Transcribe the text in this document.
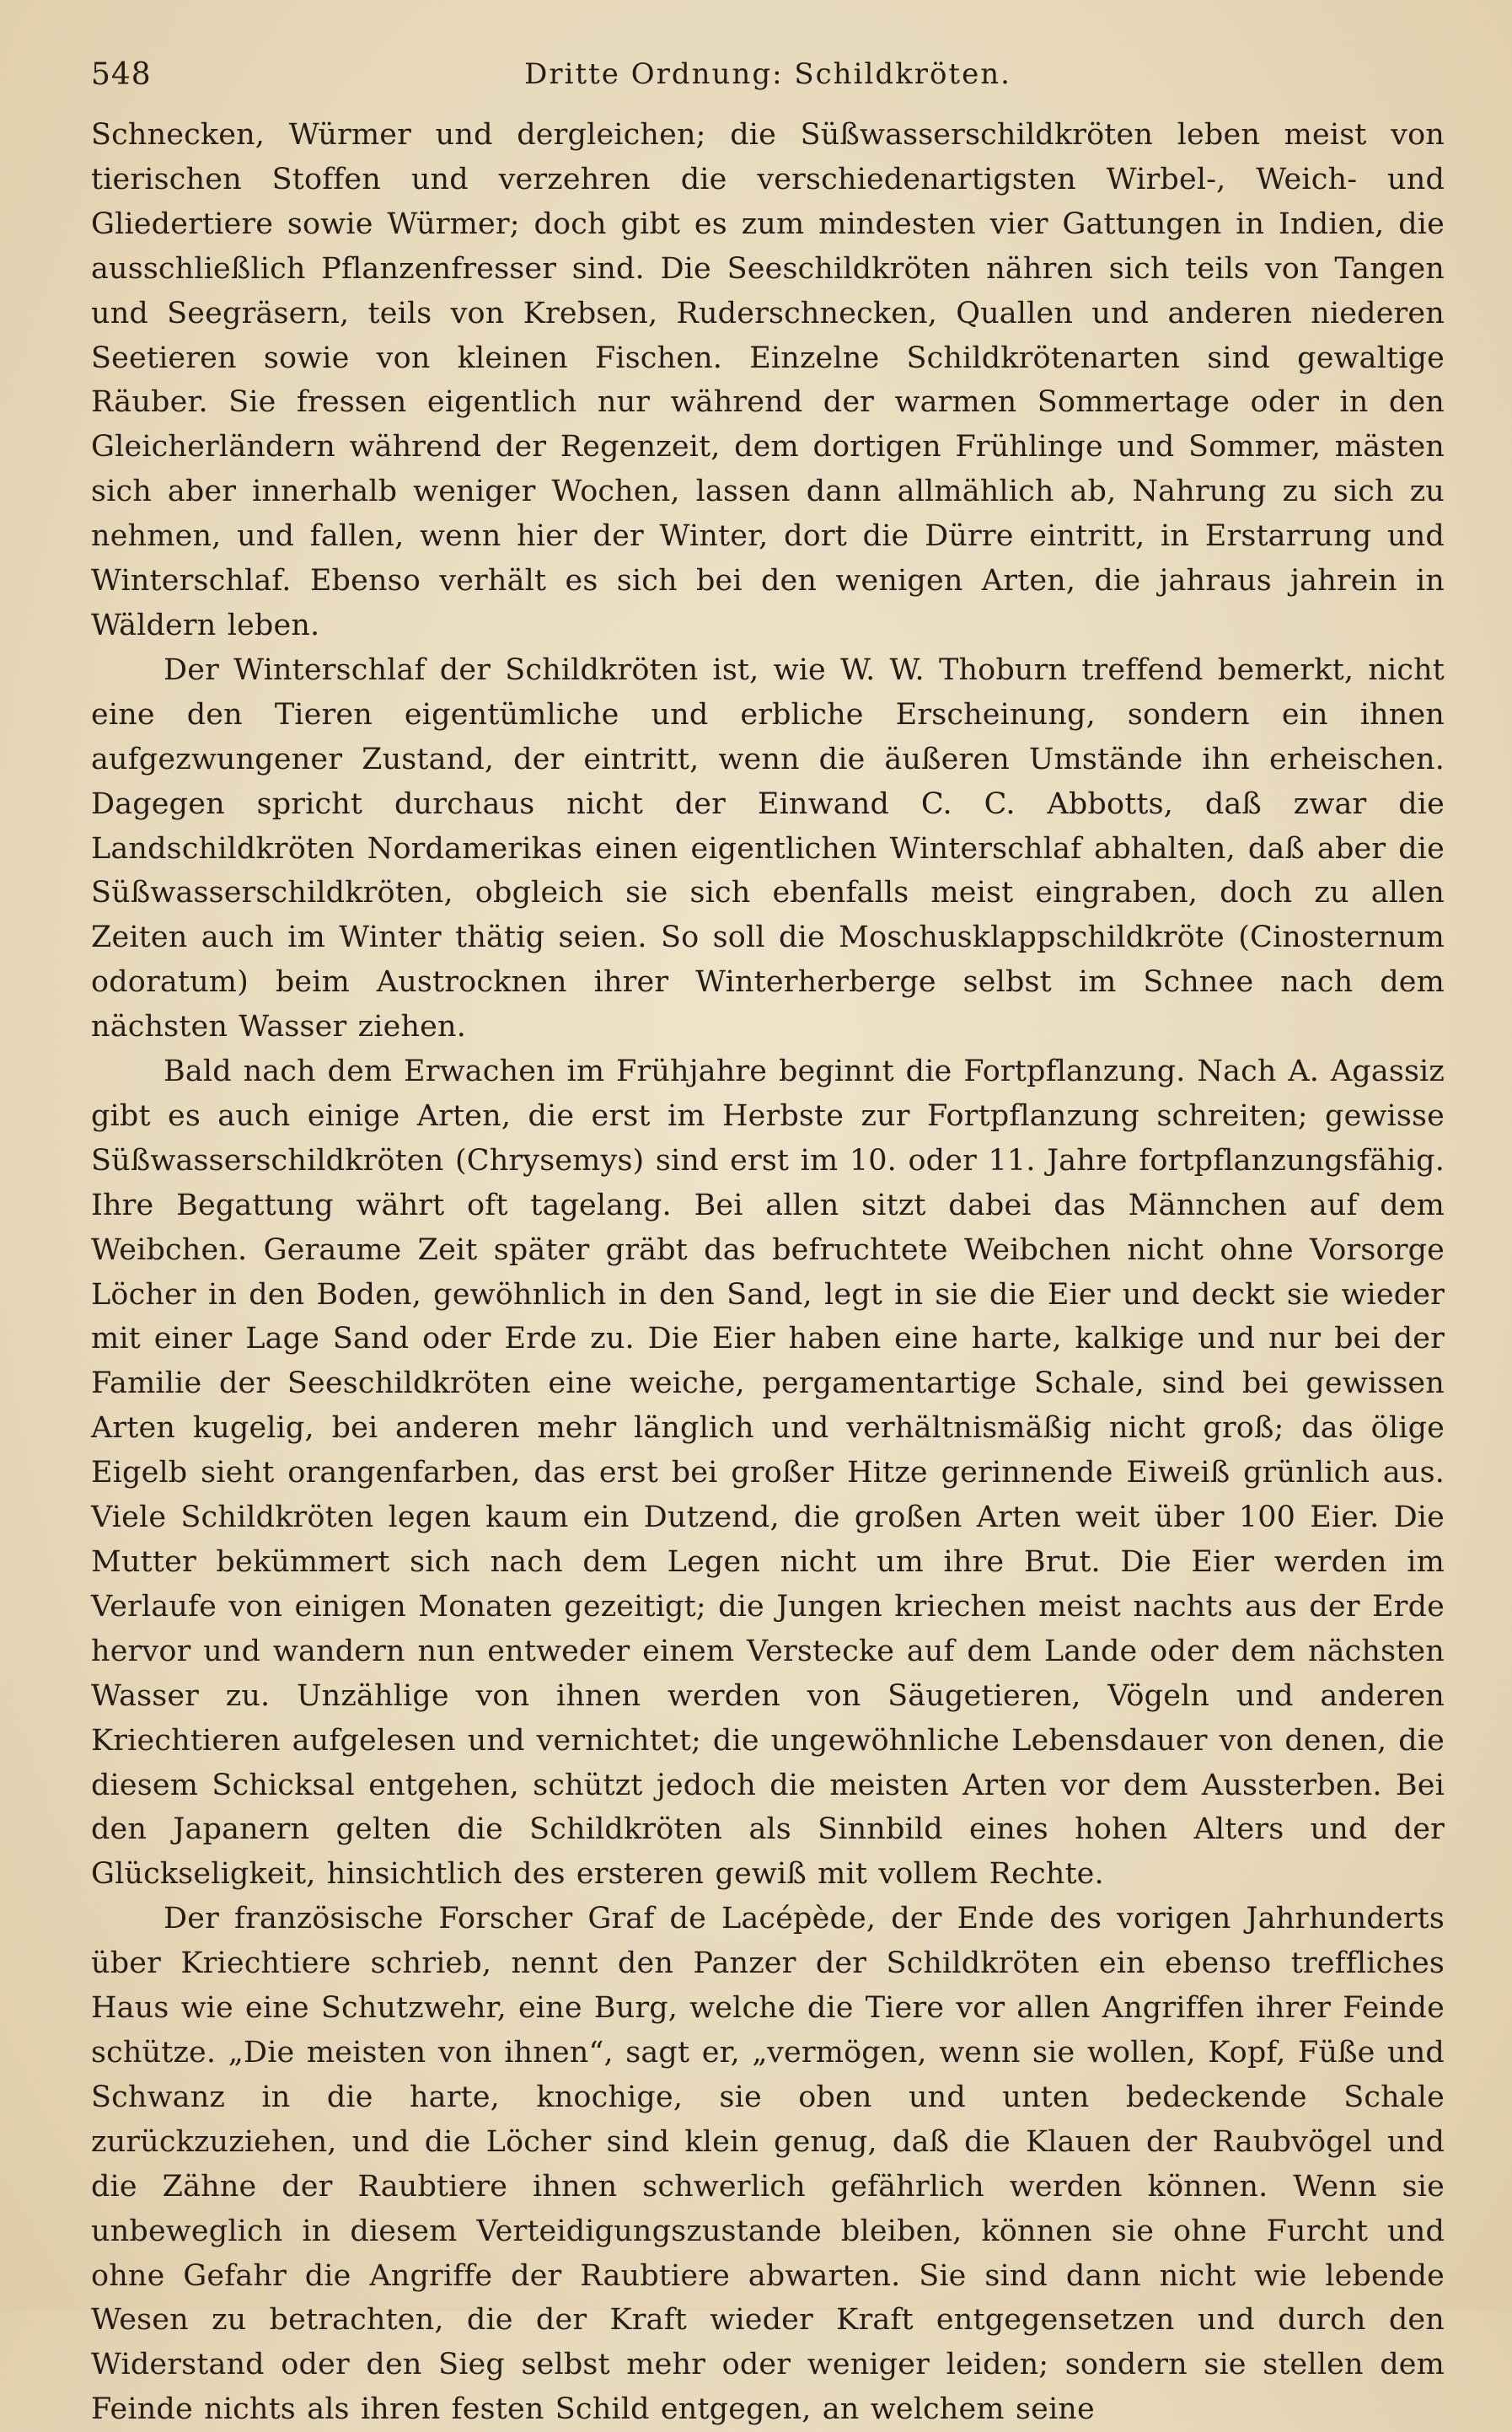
548	Dritte Ordnung: Schildkröten.

Schnecken, Würmer und dergleichen; die Süßwasserschildkröten leben meist von tierischen Stoffen und verzehren die verschiedenartigsten Wirbel-, Weich- und Gliedertiere sowie Würmer; doch gibt es zum mindesten vier Gattungen in Indien, die ausschließlich Pflanzenfresser sind. Die Seeschildkröten nähren sich teils von Tangen und Seegräsern, teils von Krebsen, Ruderschnecken, Quallen und anderen niederen Seetieren sowie von kleinen Fischen. Einzelne Schildkrötenarten sind gewaltige Räuber. Sie fressen eigentlich nur während der warmen Sommertage oder in den Gleicherländern während der Regenzeit, dem dortigen Frühlinge und Sommer, mästen sich aber innerhalb weniger Wochen, lassen dann allmählich ab, Nahrung zu sich zu nehmen, und fallen, wenn hier der Winter, dort die Dürre eintritt, in Erstarrung und Winterschlaf. Ebenso verhält es sich bei den wenigen Arten, die jahraus jahrein in Wäldern leben.

Der Winterschlaf der Schildkröten ist, wie W. W. Thoburn treffend bemerkt, nicht eine den Tieren eigentümliche und erbliche Erscheinung, sondern ein ihnen aufgezwungener Zustand, der eintritt, wenn die äußeren Umstände ihn erheischen. Dagegen spricht durchaus nicht der Einwand C. C. Abbotts, daß zwar die Landschildkröten Nordamerikas einen eigentlichen Winterschlaf abhalten, daß aber die Süßwasserschildkröten, obgleich sie sich ebenfalls meist eingraben, doch zu allen Zeiten auch im Winter thätig seien. So soll die Moschusklappschildkröte (Cinosternum odoratum) beim Austrocknen ihrer Winterherberge selbst im Schnee nach dem nächsten Wasser ziehen.

Bald nach dem Erwachen im Frühjahre beginnt die Fortpflanzung. Nach A. Agassiz gibt es auch einige Arten, die erst im Herbste zur Fortpflanzung schreiten; gewisse Süßwasserschildkröten (Chrysemys) sind erst im 10. oder 11. Jahre fortpflanzungsfähig. Ihre Begattung währt oft tagelang. Bei allen sitzt dabei das Männchen auf dem Weibchen. Geraume Zeit später gräbt das befruchtete Weibchen nicht ohne Vorsorge Löcher in den Boden, gewöhnlich in den Sand, legt in sie die Eier und deckt sie wieder mit einer Lage Sand oder Erde zu. Die Eier haben eine harte, kalkige und nur bei der Familie der Seeschildkröten eine weiche, pergamentartige Schale, sind bei gewissen Arten kugelig, bei anderen mehr länglich und verhältnismäßig nicht groß; das ölige Eigelb sieht orangenfarben, das erst bei großer Hitze gerinnende Eiweiß grünlich aus. Viele Schildkröten legen kaum ein Dutzend, die großen Arten weit über 100 Eier. Die Mutter bekümmert sich nach dem Legen nicht um ihre Brut. Die Eier werden im Verlaufe von einigen Monaten gezeitigt; die Jungen kriechen meist nachts aus der Erde hervor und wandern nun entweder einem Verstecke auf dem Lande oder dem nächsten Wasser zu. Unzählige von ihnen werden von Säugetieren, Vögeln und anderen Kriechtieren aufgelesen und vernichtet; die ungewöhnliche Lebensdauer von denen, die diesem Schicksal entgehen, schützt jedoch die meisten Arten vor dem Aussterben. Bei den Japanern gelten die Schildkröten als Sinnbild eines hohen Alters und der Glückseligkeit, hinsichtlich des ersteren gewiß mit vollem Rechte.

Der französische Forscher Graf de Lacépède, der Ende des vorigen Jahrhunderts über Kriechtiere schrieb, nennt den Panzer der Schildkröten ein ebenso treffliches Haus wie eine Schutzwehr, eine Burg, welche die Tiere vor allen Angriffen ihrer Feinde schütze. „Die meisten von ihnen“, sagt er, „vermögen, wenn sie wollen, Kopf, Füße und Schwanz in die harte, knochige, sie oben und unten bedeckende Schale zurückzuziehen, und die Löcher sind klein genug, daß die Klauen der Raubvögel und die Zähne der Raubtiere ihnen schwerlich gefährlich werden können. Wenn sie unbeweglich in diesem Verteidigungszustande bleiben, können sie ohne Furcht und ohne Gefahr die Angriffe der Raubtiere abwarten. Sie sind dann nicht wie lebende Wesen zu betrachten, die der Kraft wieder Kraft entgegensetzen und durch den Widerstand oder den Sieg selbst mehr oder weniger leiden; sondern sie stellen dem Feinde nichts als ihren festen Schild entgegen, an welchem seine
